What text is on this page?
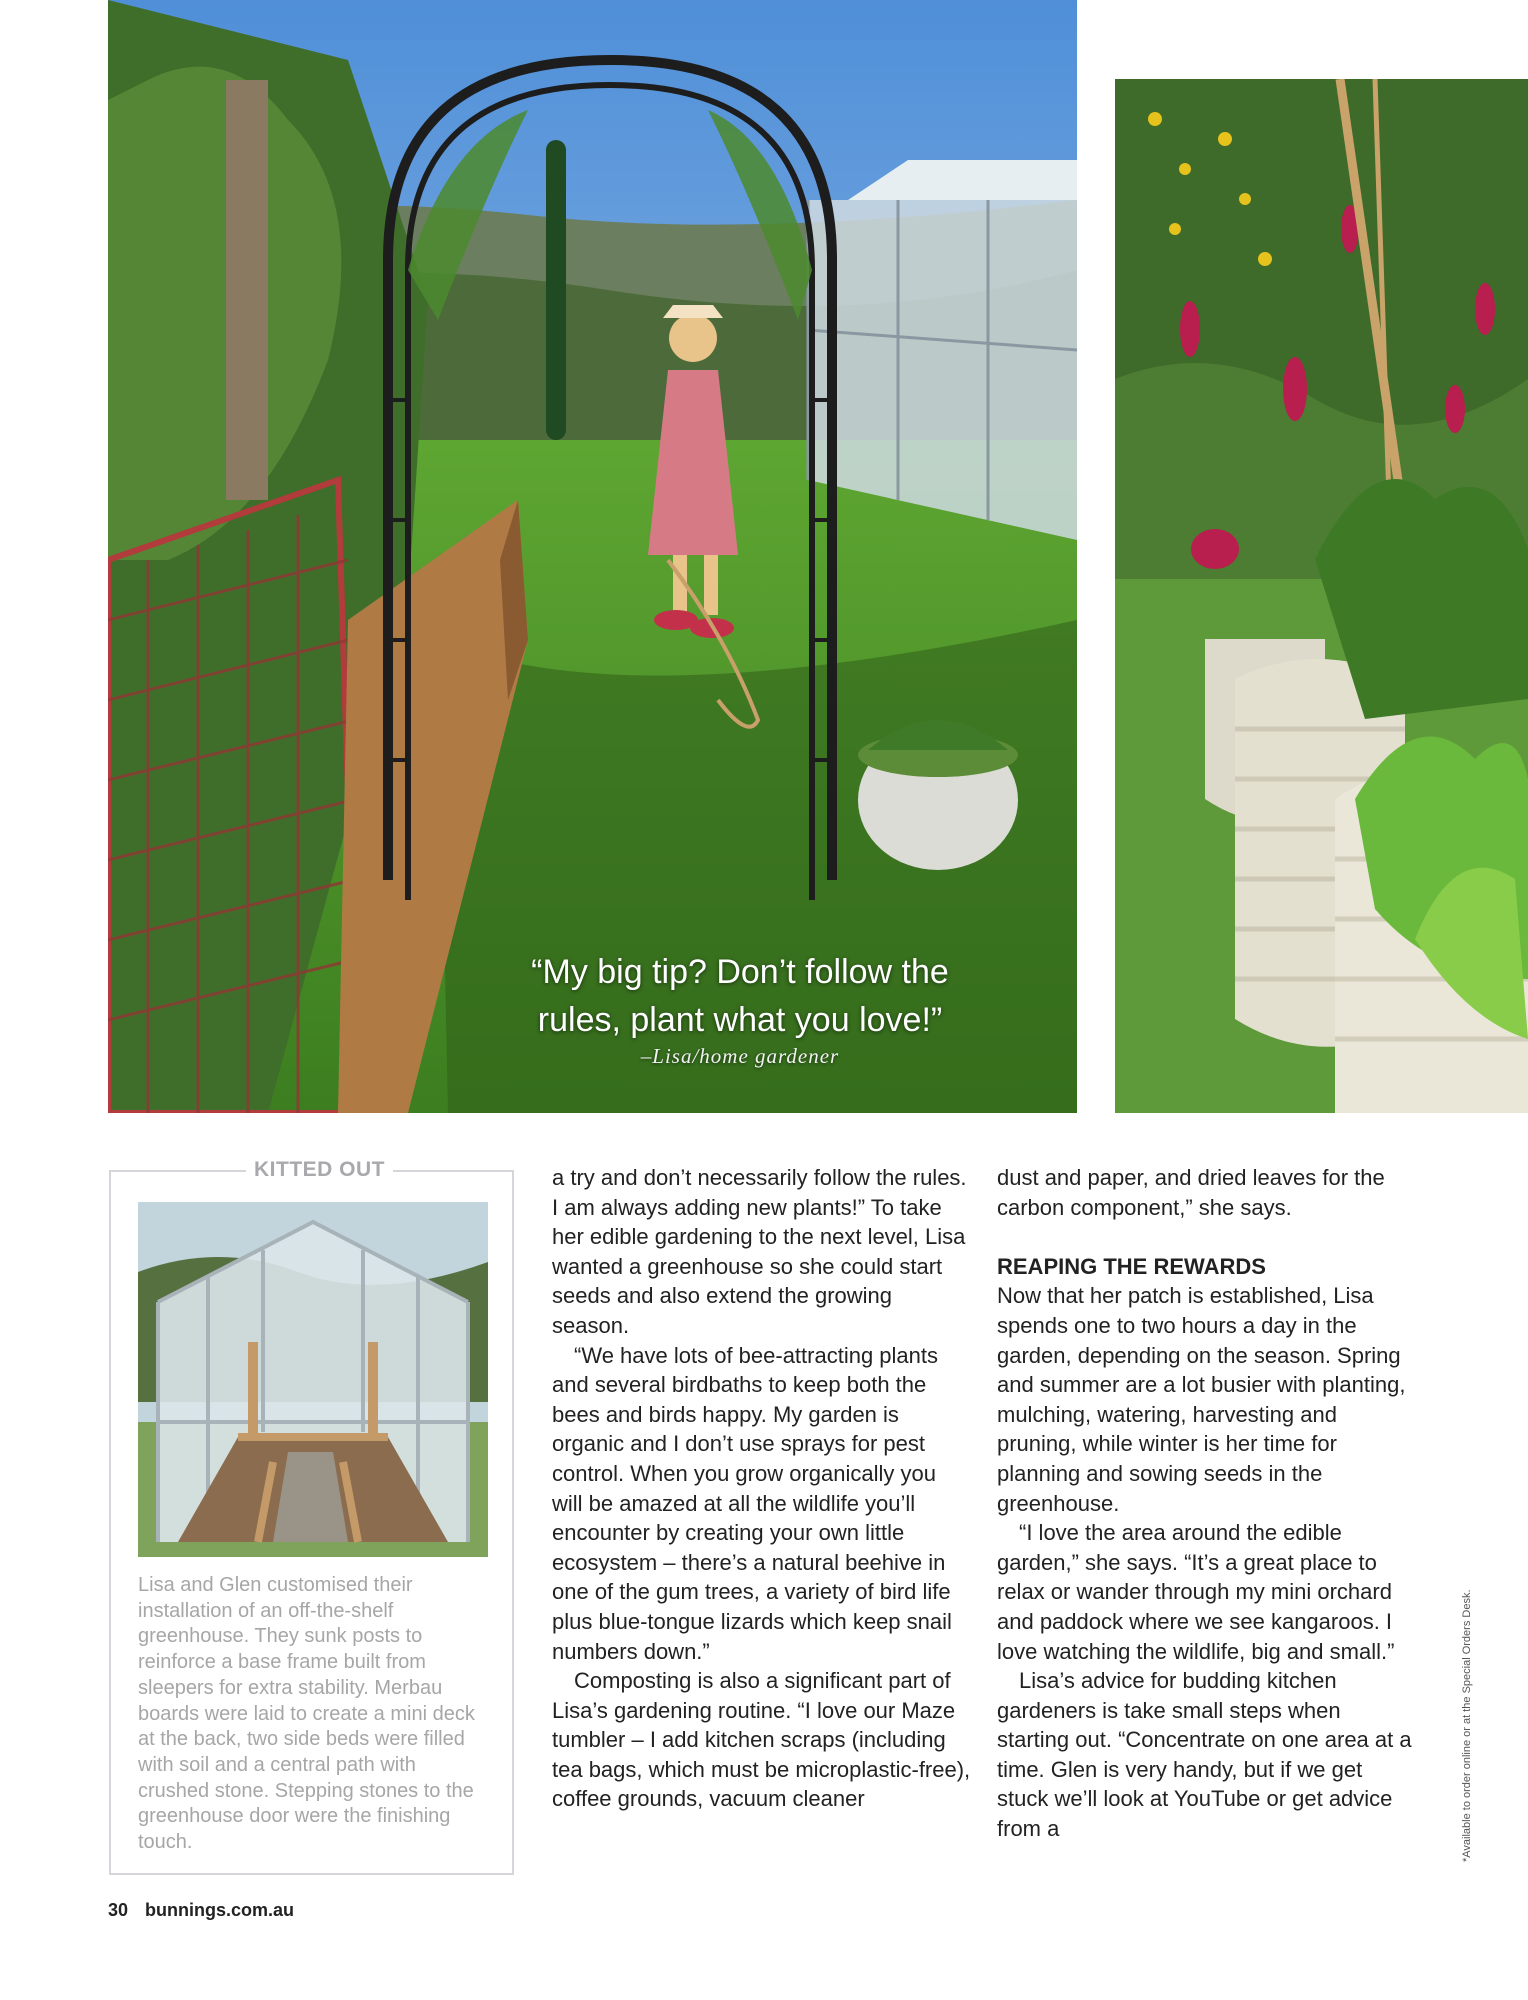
“My big tip? Don’t follow the
rules, plant what you love!”
–Lisa/home gardener
KITTED OUT
Lisa and Glen customised their installation of an off-the-shelf greenhouse. They sunk posts to reinforce a base frame built from sleepers for extra stability. Merbau boards were laid to create a mini deck at the back, two side beds were filled with soil and a central path with crushed stone. Stepping stones to the greenhouse door were the finishing touch.

a try and don’t necessarily follow the rules. I am always adding new plants!” To take her edible gardening to the next level, Lisa wanted a greenhouse so she could start seeds and also extend the growing season.

“We have lots of bee-attracting plants and several birdbaths to keep both the bees and birds happy. My garden is organic and I don’t use sprays for pest control. When you grow organically you will be amazed at all the wildlife you’ll encounter by creating your own little ecosystem – there’s a natural beehive in one of the gum trees, a variety of bird life plus blue-tongue lizards which keep snail numbers down.”

Composting is also a significant part of Lisa’s gardening routine. “I love our Maze tumbler – I add kitchen scraps (including tea bags, which must be microplastic-free), coffee grounds, vacuum cleaner

dust and paper, and dried leaves for the carbon component,” she says.

REAPING THE REWARDS

Now that her patch is established, Lisa spends one to two hours a day in the garden, depending on the season. Spring and summer are a lot busier with planting, mulching, watering, harvesting and pruning, while winter is her time for planning and sowing seeds in the greenhouse.

“I love the area around the edible garden,” she says. “It’s a great place to relax or wander through my mini orchard and paddock where we see kangaroos. I love watching the wildlife, big and small.”

Lisa’s advice for budding kitchen gardeners is take small steps when starting out. “Concentrate on one area at a time. Glen is very handy, but if we get stuck we’ll look at YouTube or get advice from a	*Available to order online or at the Special Orders Desk.
30 bunnings.com.au
